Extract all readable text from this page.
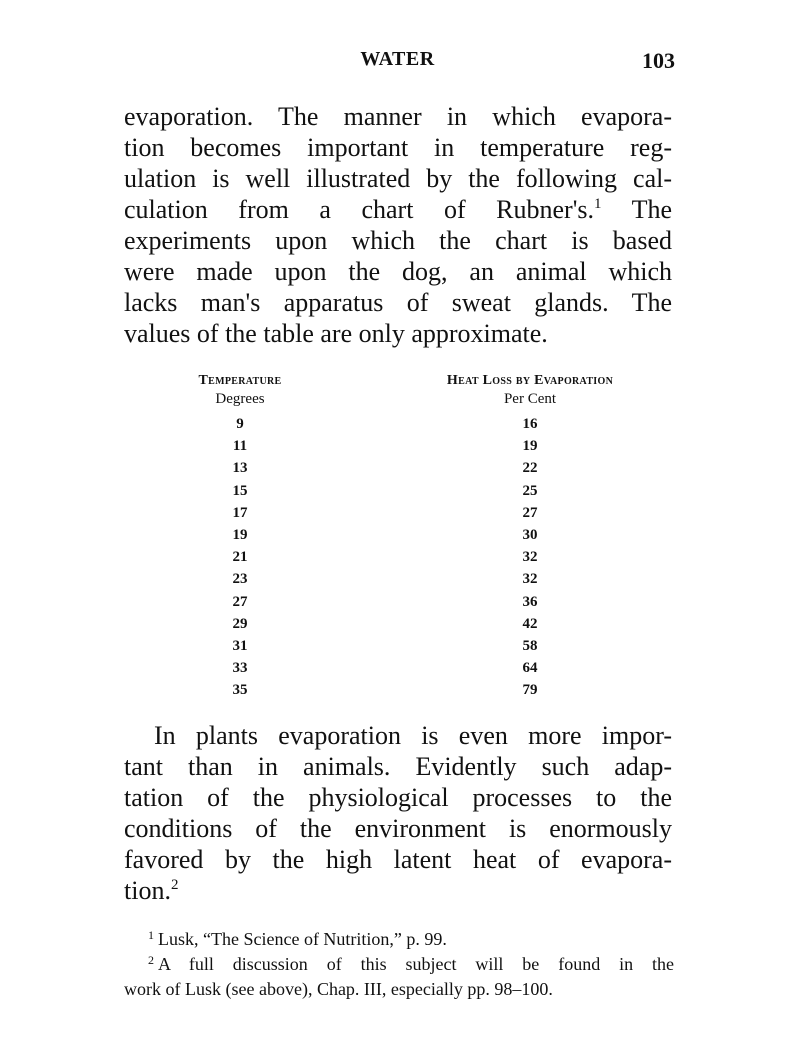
WATER	103
evaporation. The manner in which evapora-
tion becomes important in temperature reg-
ulation is well illustrated by the following cal-
culation from a chart of Rubner's.$^1$ The
experiments upon which the chart is based
were made upon the dog, an animal which
lacks man's apparatus of sweat glands. The
values of the table are only approximate.
Temperature	Heat Loss by Evaporation
Degrees	Per Cent
9	16
11	19
13	22
15	25
17	27
19	30
21	32
23	32
27	36
29	42
31	58
33	64
35	79
In plants evaporation is even more impor-
tant than in animals. Evidently such adap-
tation of the physiological processes to the
conditions of the environment is enormously
favored by the high latent heat of evapora-
tion.$^2$
$^1$ Lusk, “The Science of Nutrition,” p. 99.
$^2$ A full discussion of this subject will be found in the
work of Lusk (see above), Chap. III, especially pp. 98–100.
